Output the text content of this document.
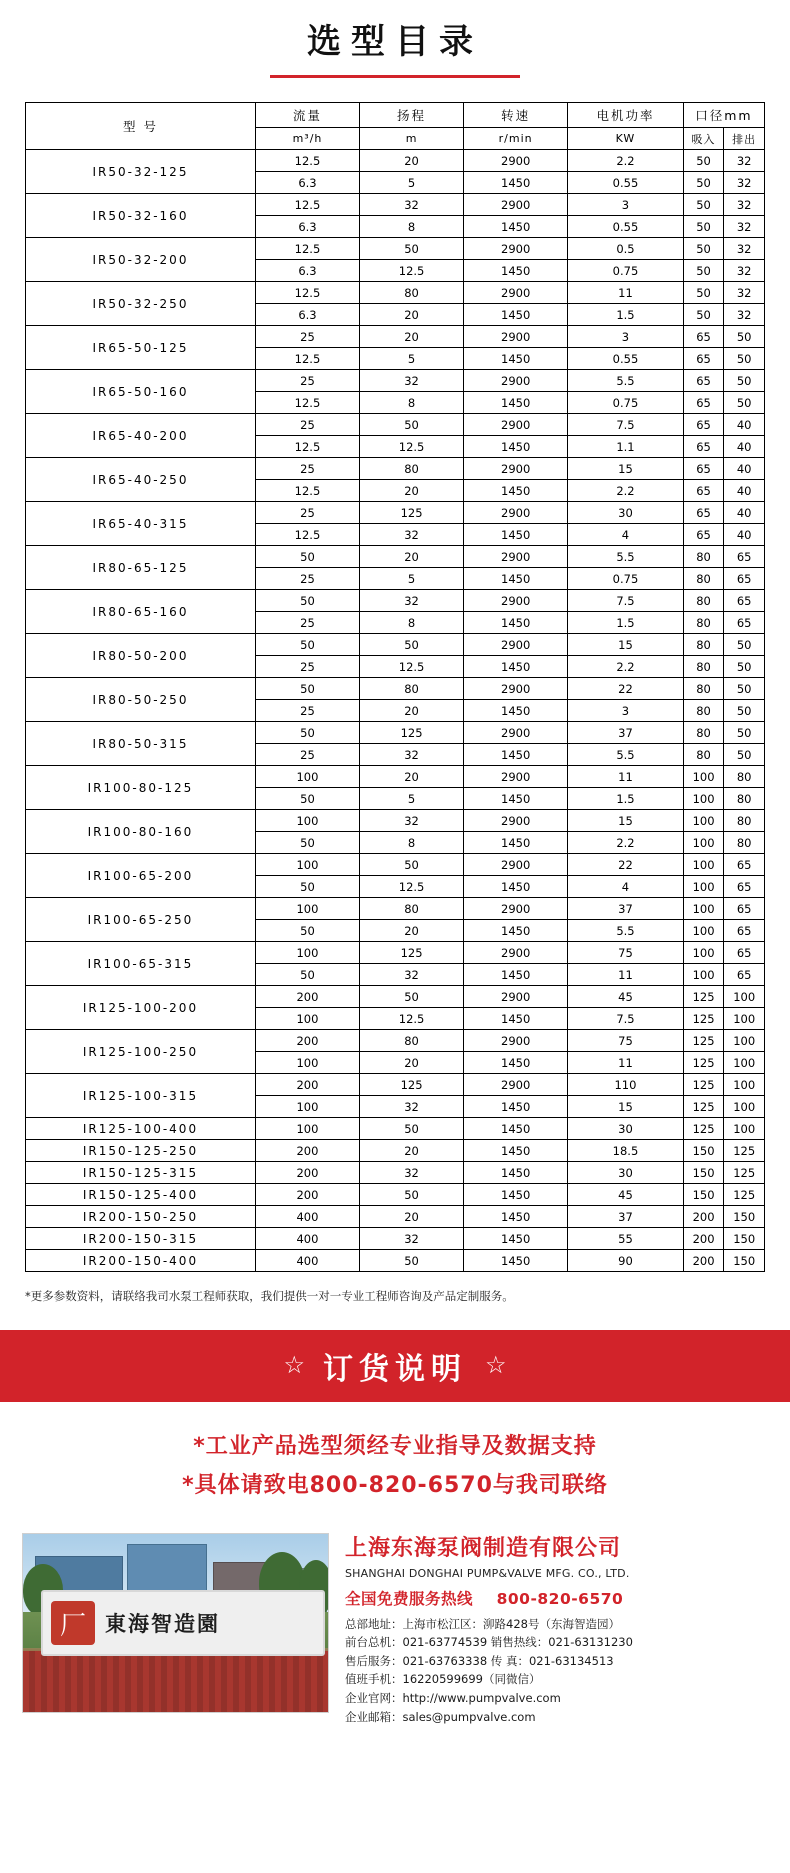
选型目录
型 号	流量	扬程	转速	电机功率	口径mm	
	m³/h	m	r/min	KW	吸入	排出
IR50-32-125	12.5	20	2900	2.2	50	32
	6.3	5	1450	0.55	50	32
IR50-32-160	12.5	32	2900	3	50	32
	6.3	8	1450	0.55	50	32
IR50-32-200	12.5	50	2900	0.5	50	32
	6.3	12.5	1450	0.75	50	32
IR50-32-250	12.5	80	2900	11	50	32
	6.3	20	1450	1.5	50	32
IR65-50-125	25	20	2900	3	65	50
	12.5	5	1450	0.55	65	50
IR65-50-160	25	32	2900	5.5	65	50
	12.5	8	1450	0.75	65	50
IR65-40-200	25	50	2900	7.5	65	40
	12.5	12.5	1450	1.1	65	40
IR65-40-250	25	80	2900	15	65	40
	12.5	20	1450	2.2	65	40
IR65-40-315	25	125	2900	30	65	40
	12.5	32	1450	4	65	40
IR80-65-125	50	20	2900	5.5	80	65
	25	5	1450	0.75	80	65
IR80-65-160	50	32	2900	7.5	80	65
	25	8	1450	1.5	80	65
IR80-50-200	50	50	2900	15	80	50
	25	12.5	1450	2.2	80	50
IR80-50-250	50	80	2900	22	80	50
	25	20	1450	3	80	50
IR80-50-315	50	125	2900	37	80	50
	25	32	1450	5.5	80	50
IR100-80-125	100	20	2900	11	100	80
	50	5	1450	1.5	100	80
IR100-80-160	100	32	2900	15	100	80
	50	8	1450	2.2	100	80
IR100-65-200	100	50	2900	22	100	65
	50	12.5	1450	4	100	65
IR100-65-250	100	80	2900	37	100	65
	50	20	1450	5.5	100	65
IR100-65-315	100	125	2900	75	100	65
	50	32	1450	11	100	65
IR125-100-200	200	50	2900	45	125	100
	100	12.5	1450	7.5	125	100
IR125-100-250	200	80	2900	75	125	100
	100	20	1450	11	125	100
IR125-100-315	200	125	2900	110	125	100
	100	32	1450	15	125	100
IR125-100-400	100	50	1450	30	125	100
IR150-125-250	200	20	1450	18.5	150	125
IR150-125-315	200	32	1450	30	150	125
IR150-125-400	200	50	1450	45	150	125
IR200-150-250	400	20	1450	37	200	150
IR200-150-315	400	32	1450	55	200	150
IR200-150-400	400	50	1450	90	200	150
*更多参数资料，请联络我司水泵工程师获取，我们提供一对一专业工程师咨询及产品定制服务。
☆ 订货说明 ☆
*工业产品选型须经专业指导及数据支持
*具体请致电800-820-6570与我司联络
厂 東海智造園
上海东海泵阀制造有限公司
SHANGHAI DONGHAI PUMP&VALVE MFG. CO., LTD.
全国免费服务热线 800-820-6570
总部地址：上海市松江区：泖路428号（东海智造园）
前台总机：021-63774539 销售热线：021-63131230
售后服务：021-63763338 传 真：021-63134513
值班手机：16220599699（同微信）
企业官网：http://www.pumpvalve.com
企业邮箱：sales@pumpvalve.com
